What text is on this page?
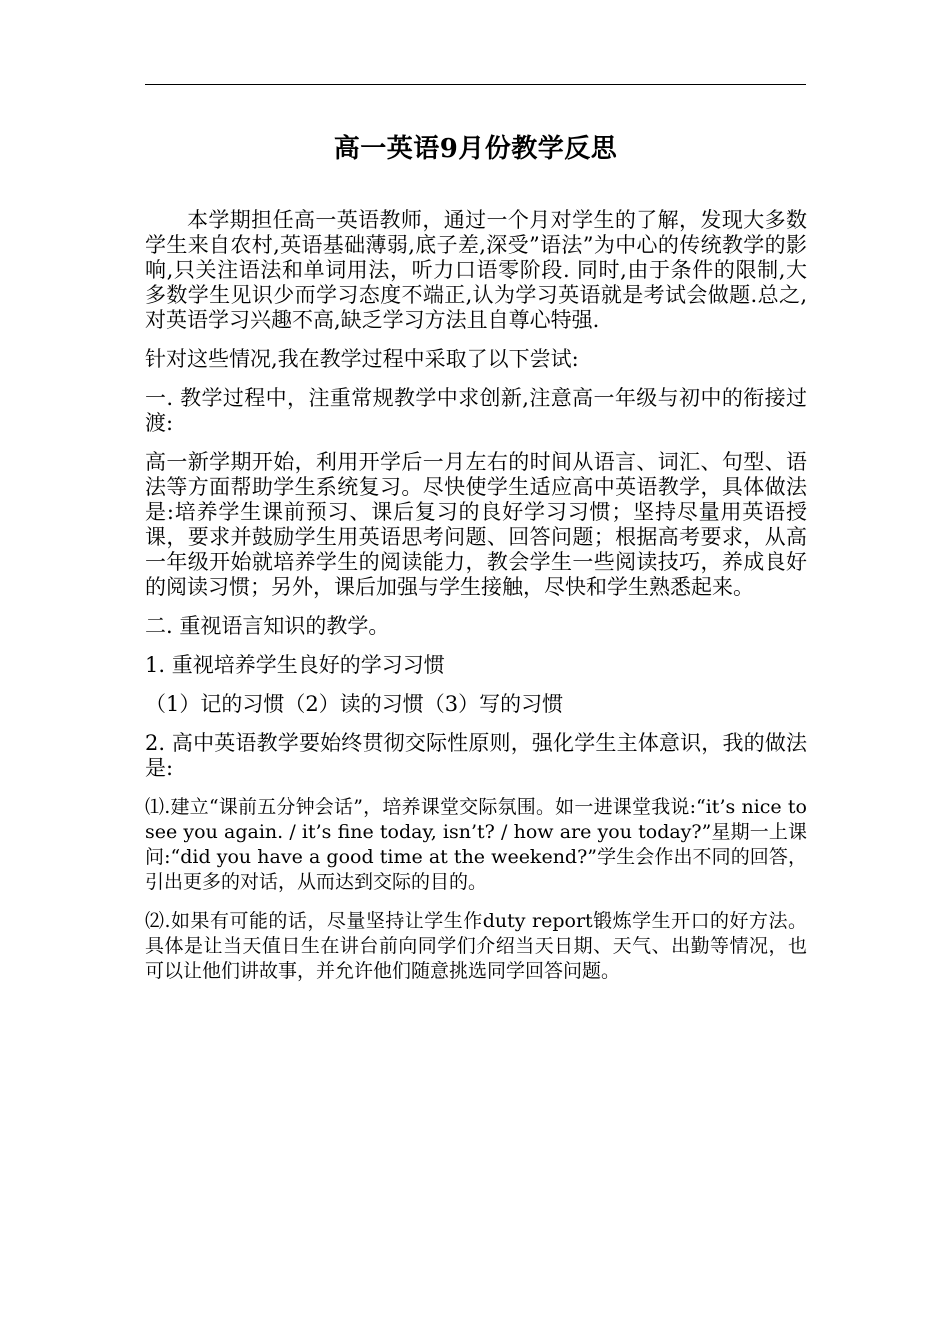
高一英语9月份教学反思

本学期担任高一英语教师，通过一个月对学生的了解，发现大多数学生来自农村,英语基础薄弱,底子差,深受”语法”为中心的传统教学的影响,只关注语法和单词用法，听力口语零阶段. 同时,由于条件的限制,大多数学生见识少而学习态度不端正,认为学习英语就是考试会做题.总之,对英语学习兴趣不高,缺乏学习方法且自尊心特强.

针对这些情况,我在教学过程中采取了以下尝试:

一. 教学过程中，注重常规教学中求创新,注意高一年级与初中的衔接过渡:

高一新学期开始，利用开学后一月左右的时间从语言、词汇、句型、语法等方面帮助学生系统复习。尽快使学生适应高中英语教学，具体做法是:培养学生课前预习、课后复习的良好学习习惯；坚持尽量用英语授课，要求并鼓励学生用英语思考问题、回答问题；根据高考要求，从高一年级开始就培养学生的阅读能力，教会学生一些阅读技巧，养成良好的阅读习惯；另外，课后加强与学生接触，尽快和学生熟悉起来。

二. 重视语言知识的教学。

1. 重视培养学生良好的学习习惯

（1）记的习惯（2）读的习惯（3）写的习惯

2. 高中英语教学要始终贯彻交际性原则，强化学生主体意识，我的做法是:

⑴.建立“课前五分钟会话”，培养课堂交际氛围。如一进课堂我说:“it’s nice to see you again. / it’s fine today, isn’t? / how are you today?”星期一上课问:“did you have a good time at the weekend?”学生会作出不同的回答，引出更多的对话，从而达到交际的目的。

⑵.如果有可能的话，尽量坚持让学生作duty report锻炼学生开口的好方法。具体是让当天值日生在讲台前向同学们介绍当天日期、天气、出勤等情况，也可以让他们讲故事，并允许他们随意挑选同学回答问题。
